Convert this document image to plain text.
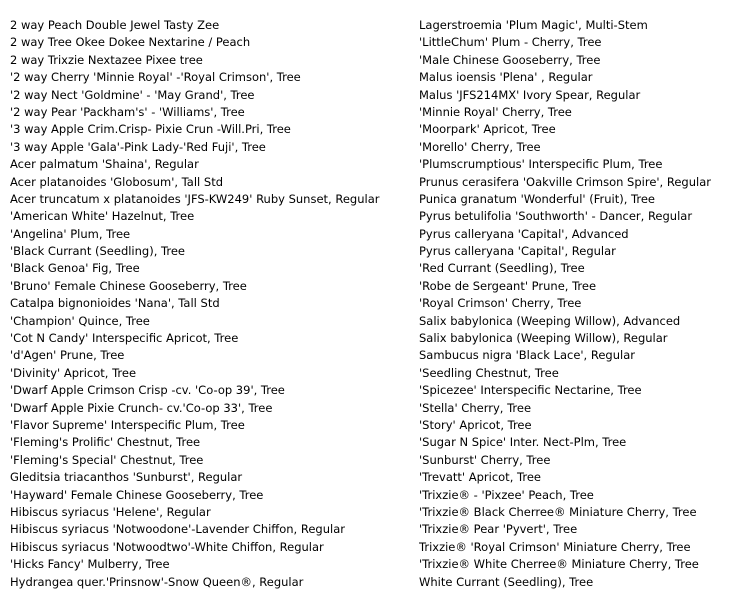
2 way Peach Double Jewel Tasty Zee
2 way Tree Okee Dokee Nextarine / Peach
2 way Trixzie Nextazee Pixee tree
'2 way Cherry 'Minnie Royal' -'Royal Crimson', Tree
'2 way Nect 'Goldmine' - 'May Grand', Tree
'2 way Pear 'Packham's' - 'Williams', Tree
'3 way Apple Crim.Crisp- Pixie Crun -Will.Pri, Tree
'3 way Apple 'Gala'-Pink Lady-'Red Fuji', Tree
Acer palmatum 'Shaina', Regular
Acer platanoides 'Globosum', Tall Std
Acer truncatum x platanoides 'JFS-KW249' Ruby Sunset, Regular
'American White' Hazelnut, Tree
'Angelina' Plum, Tree
'Black Currant (Seedling), Tree
'Black Genoa' Fig, Tree
'Bruno' Female Chinese Gooseberry, Tree
Catalpa bignonioides 'Nana', Tall Std
'Champion' Quince, Tree
'Cot N Candy' Interspecific Apricot, Tree
'd'Agen' Prune, Tree
'Divinity' Apricot, Tree
'Dwarf Apple Crimson Crisp -cv. 'Co-op 39', Tree
'Dwarf Apple Pixie Crunch- cv.'Co-op 33', Tree
'Flavor Supreme' Interspecific Plum, Tree
'Fleming's Prolific' Chestnut, Tree
'Fleming's Special' Chestnut, Tree
Gleditsia triacanthos 'Sunburst', Regular
'Hayward' Female Chinese Gooseberry, Tree
Hibiscus syriacus 'Helene', Regular
Hibiscus syriacus 'Notwoodone'-Lavender Chiffon, Regular
Hibiscus syriacus 'Notwoodtwo'-White Chiffon, Regular
'Hicks Fancy' Mulberry, Tree
Hydrangea quer.'Prinsnow'-Snow Queen®, Regular
Lagerstroemia 'Plum Magic', Multi-Stem
'LittleChum' Plum - Cherry, Tree
'Male Chinese Gooseberry, Tree
Malus ioensis 'Plena' , Regular
Malus 'JFS214MX' Ivory Spear, Regular
'Minnie Royal' Cherry, Tree
'Moorpark' Apricot, Tree
'Morello' Cherry, Tree
'Plumscrumptious' Interspecific Plum, Tree
Prunus cerasifera 'Oakville Crimson Spire', Regular
Punica granatum 'Wonderful' (Fruit), Tree
Pyrus betulifolia 'Southworth' - Dancer, Regular
Pyrus calleryana 'Capital', Advanced
Pyrus calleryana 'Capital', Regular
'Red Currant (Seedling), Tree
'Robe de Sergeant' Prune, Tree
'Royal Crimson' Cherry, Tree
Salix babylonica (Weeping Willow), Advanced
Salix babylonica (Weeping Willow), Regular
Sambucus nigra 'Black Lace', Regular
'Seedling Chestnut, Tree
'Spicezee' Interspecific Nectarine, Tree
'Stella' Cherry, Tree
'Story' Apricot, Tree
'Sugar N Spice' Inter. Nect-Plm, Tree
'Sunburst' Cherry, Tree
'Trevatt' Apricot, Tree
'Trixzie® - 'Pixzee' Peach, Tree
'Trixzie® Black Cherree® Miniature Cherry, Tree
'Trixzie® Pear 'Pyvert', Tree
Trixzie® 'Royal Crimson' Miniature Cherry, Tree
'Trixzie® White Cherree® Miniature Cherry, Tree
White Currant (Seedling), Tree
